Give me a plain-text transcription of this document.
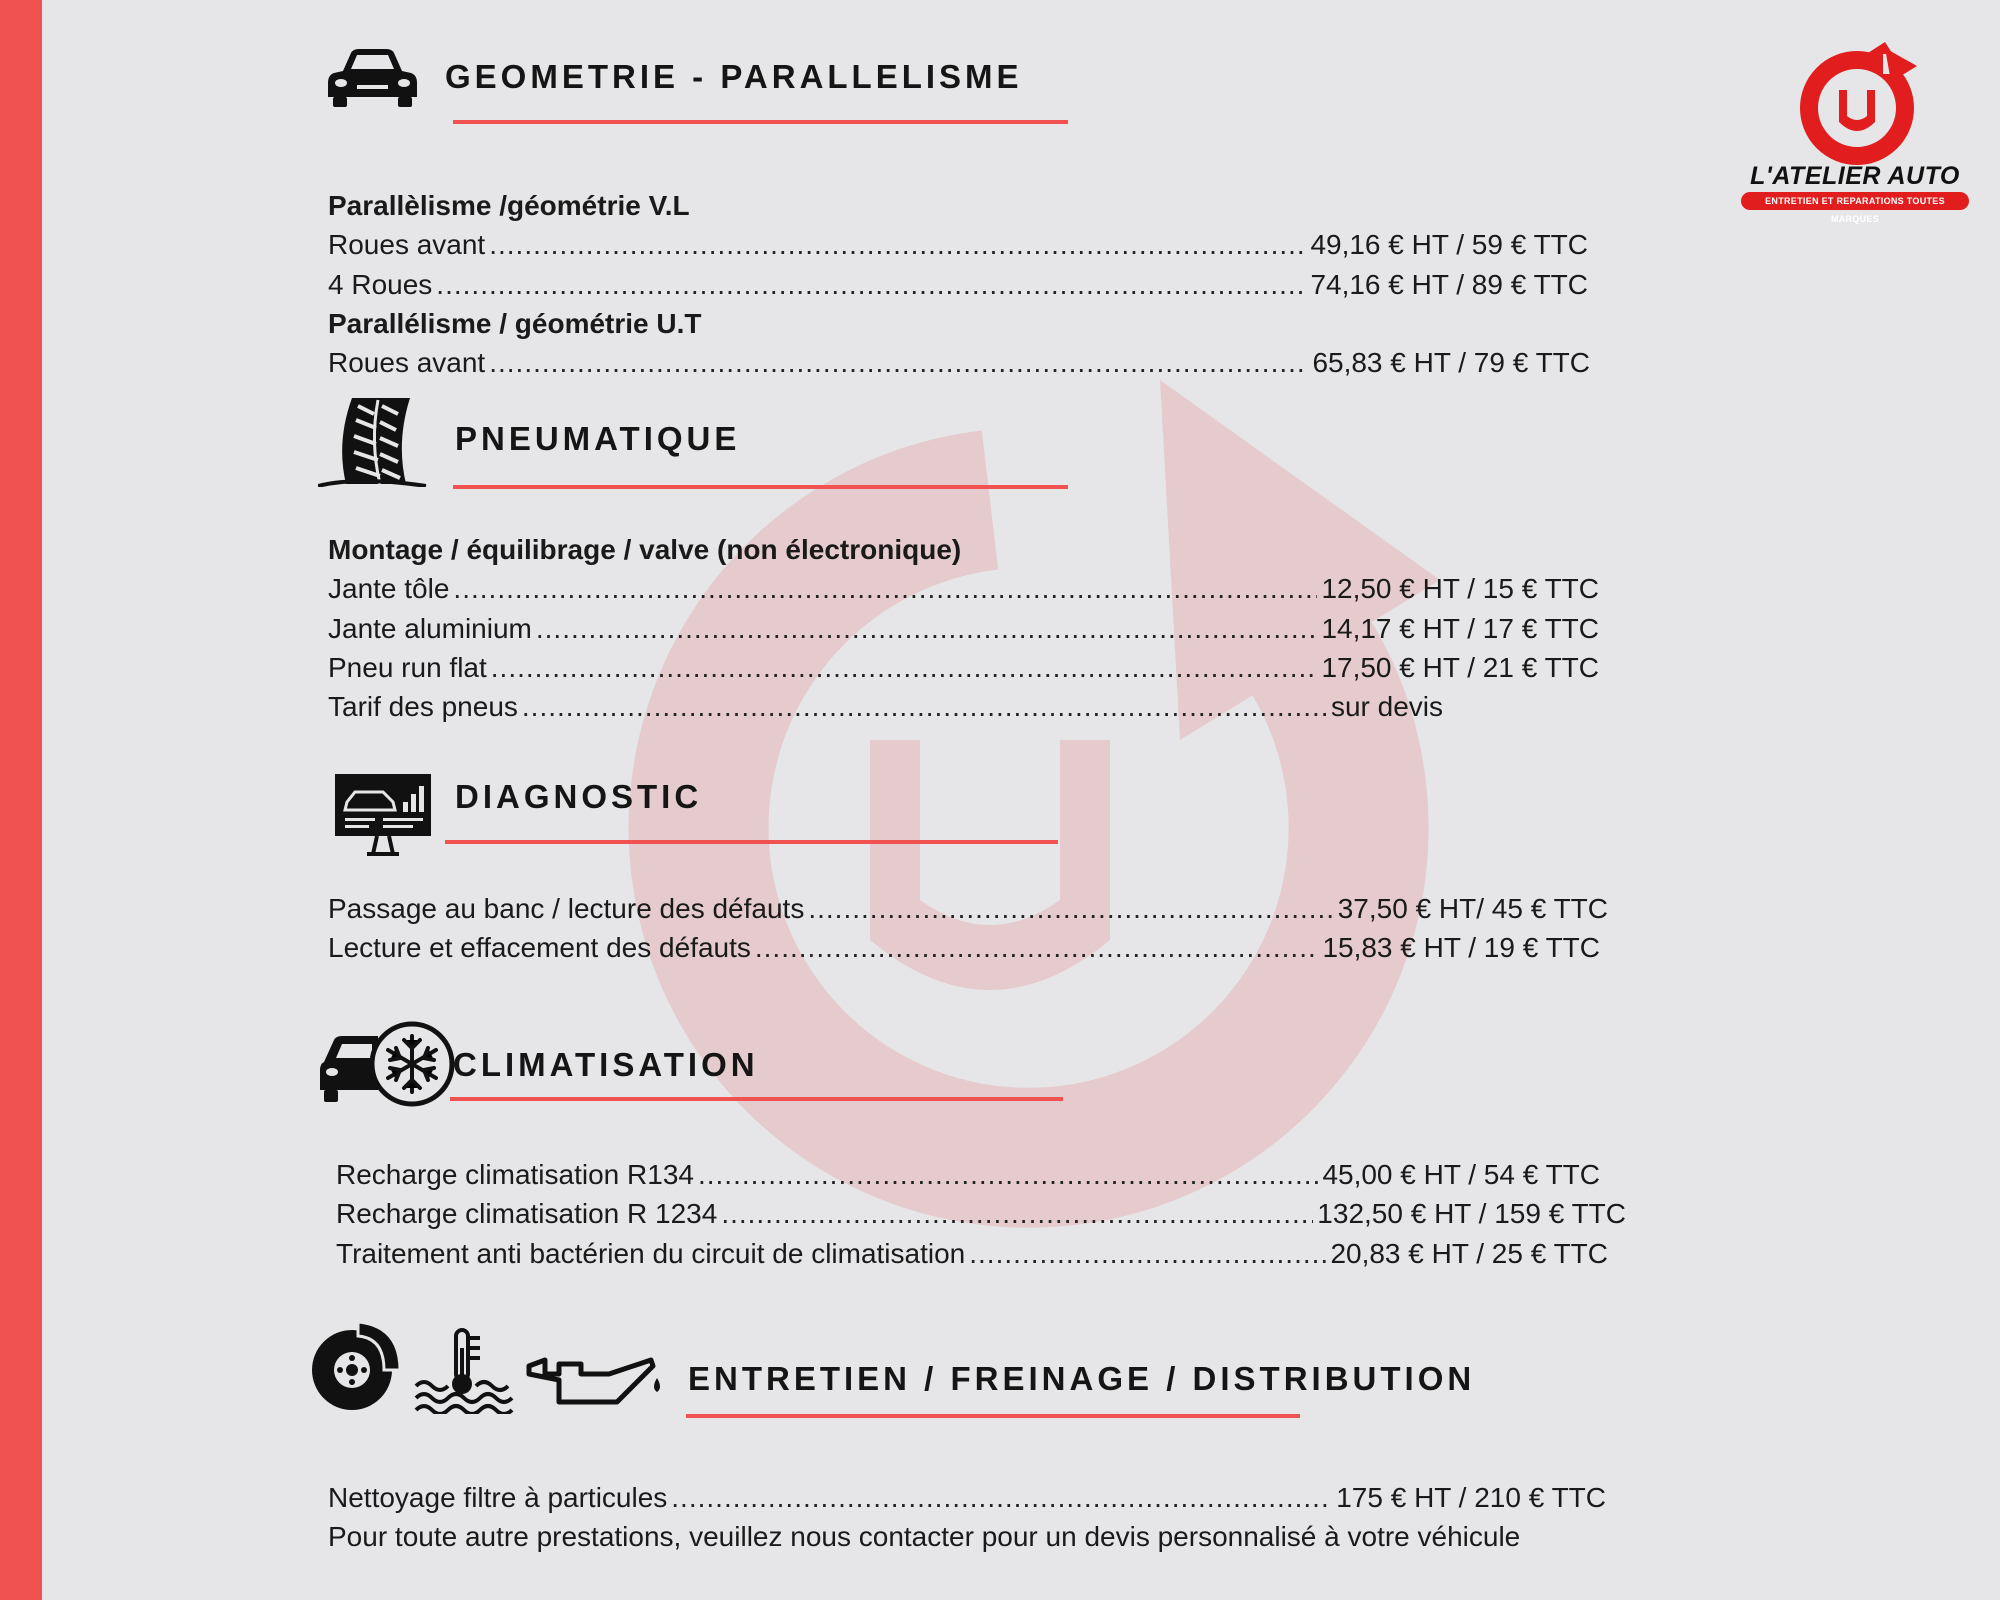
L'ATELIER AUTO
ENTRETIEN ET REPARATIONS TOUTES MARQUES
GEOMETRIE - PARALLELISME
Parallèlisme /géométrie V.L
Roues avant .....	49,16 € HT / 59 € TTC
4 Roues .....	74,16 € HT / 89 € TTC
Parallélisme / géométrie U.T
Roues avant .....	65,83 € HT / 79 € TTC
PNEUMATIQUE
Montage / équilibrage / valve (non électronique)
Jante tôle .....	12,50 € HT / 15 € TTC
Jante aluminium .....	14,17 € HT / 17 € TTC
Pneu run flat .....	17,50 € HT / 21 € TTC
Tarif des pneus .....	sur devis
DIAGNOSTIC
Passage au banc / lecture des défauts .....	37,50 € HT/ 45 € TTC
Lecture et effacement des défauts .....	15,83 € HT / 19 € TTC
CLIMATISATION
Recharge climatisation R134 .....	45,00 € HT / 54 € TTC
Recharge climatisation R 1234 .....	132,50 € HT / 159 € TTC
Traitement anti bactérien du circuit de climatisation .....	20,83 € HT / 25 € TTC
ENTRETIEN / FREINAGE / DISTRIBUTION
Nettoyage filtre à particules .....	175 € HT / 210 € TTC
Pour toute autre prestations, veuillez nous contacter pour un devis personnalisé à votre véhicule
